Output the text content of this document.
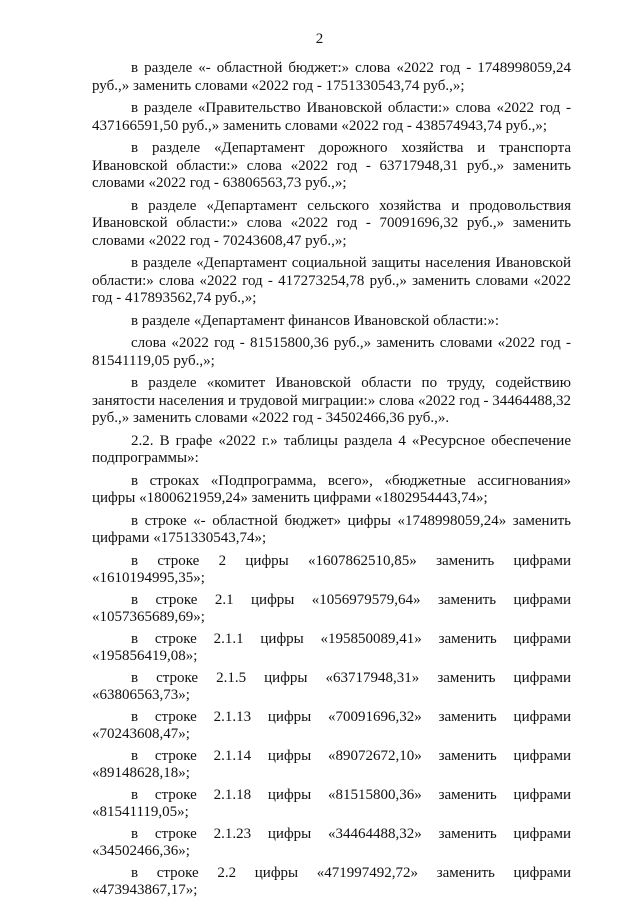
2

в разделе «- областной бюджет:» слова «2022 год - 1748998059,24 руб.,» заменить словами «2022 год - 1751330543,74 руб.,»;

в разделе «Правительство Ивановской области:» слова «2022 год - 437166591,50 руб.,» заменить словами «2022 год - 438574943,74 руб.,»;

в разделе «Департамент дорожного хозяйства и транспорта Ивановской области:» слова «2022 год - 63717948,31 руб.,» заменить словами «2022 год - 63806563,73 руб.,»;

в разделе «Департамент сельского хозяйства и продовольствия Ивановской области:» слова «2022 год - 70091696,32 руб.,» заменить словами «2022 год - 70243608,47 руб.,»;

в разделе «Департамент социальной защиты населения Ивановской области:» слова «2022 год - 417273254,78 руб.,» заменить словами «2022 год - 417893562,74 руб.,»;

в разделе «Департамент финансов Ивановской области:»:

слова «2022 год - 81515800,36 руб.,» заменить словами «2022 год - 81541119,05 руб.,»;

в разделе «комитет Ивановской области по труду, содействию занятости населения и трудовой миграции:» слова «2022 год - 34464488,32 руб.,» заменить словами «2022 год - 34502466,36 руб.,».

2.2. В графе «2022 г.» таблицы раздела 4 «Ресурсное обеспечение подпрограммы»:

в строках «Подпрограмма, всего», «бюджетные ассигнования» цифры «1800621959,24» заменить цифрами «1802954443,74»;

в строке «- областной бюджет» цифры «1748998059,24» заменить цифрами «1751330543,74»;

в строке 2 цифры «1607862510,85» заменить цифрами «1610194995,35»;

в строке 2.1 цифры «1056979579,64» заменить цифрами «1057365689,69»;

в строке 2.1.1 цифры «195850089,41» заменить цифрами «195856419,08»;

в строке 2.1.5 цифры «63717948,31» заменить цифрами «63806563,73»;

в строке 2.1.13 цифры «70091696,32» заменить цифрами «70243608,47»;

в строке 2.1.14 цифры «89072672,10» заменить цифрами «89148628,18»;

в строке 2.1.18 цифры «81515800,36» заменить цифрами «81541119,05»;

в строке 2.1.23 цифры «34464488,32» заменить цифрами «34502466,36»;

в строке 2.2 цифры «471997492,72» заменить цифрами «473943867,17»;
